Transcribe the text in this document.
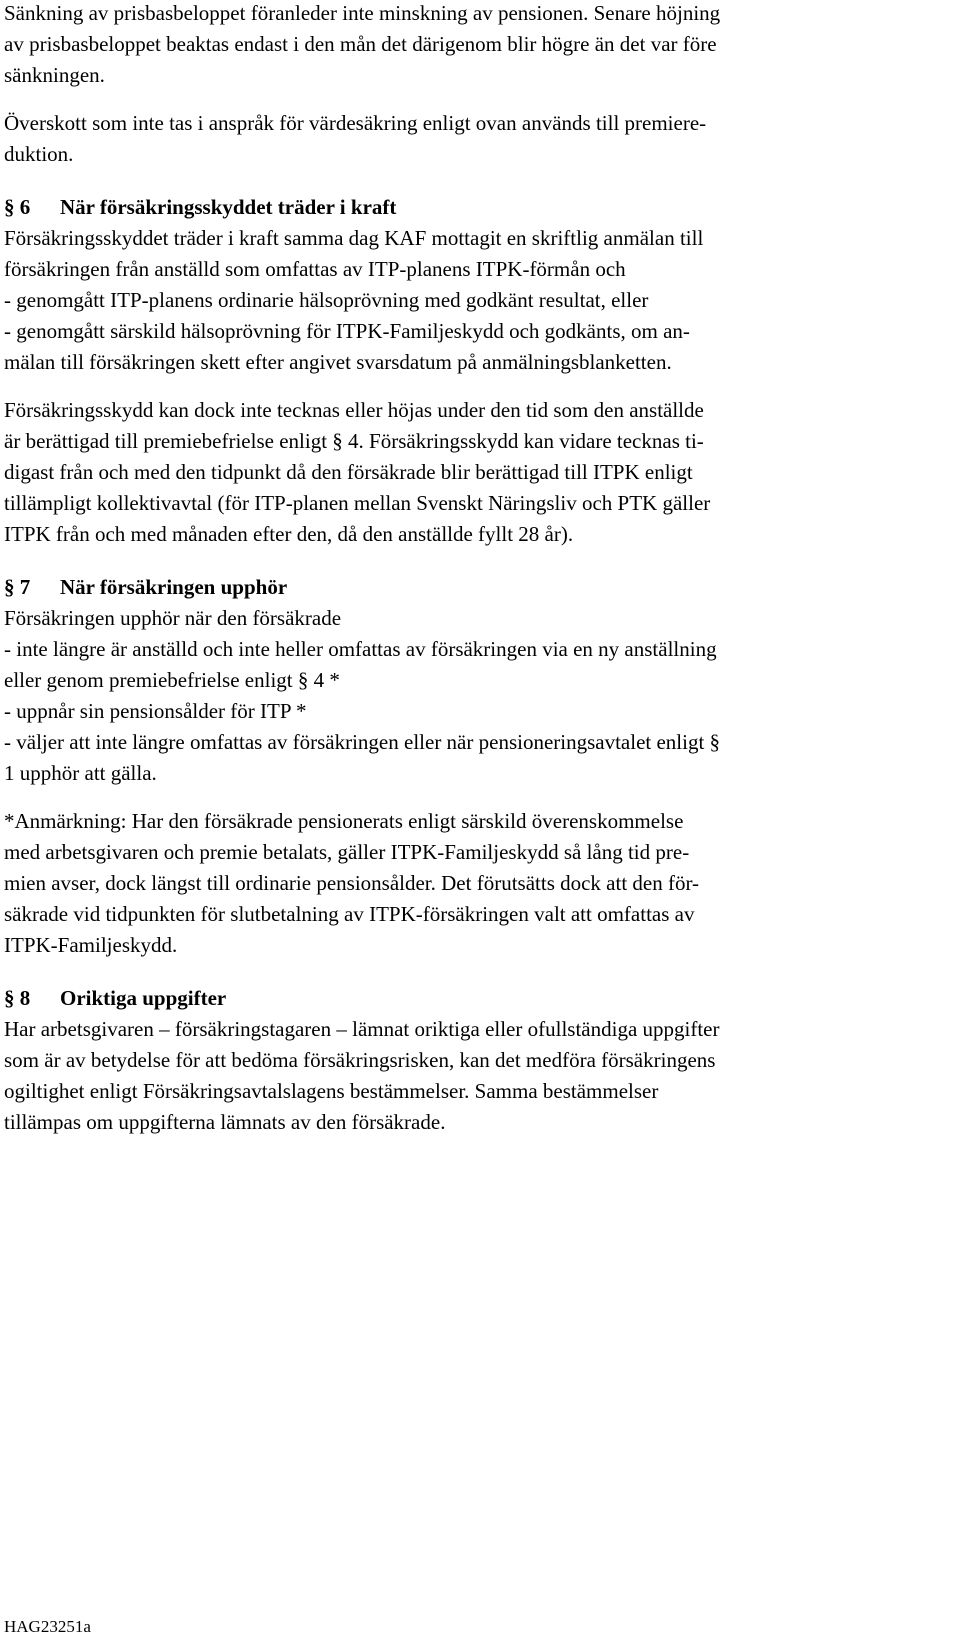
Sänkning av prisbasbeloppet föranleder inte minskning av pensionen. Senare höjning
av prisbasbeloppet beaktas endast i den mån det därigenom blir högre än det var före
sänkningen.
Överskott som inte tas i anspråk för värdesäkring enligt ovan används till premiere-
duktion.
§ 6 När försäkringsskyddet träder i kraft
Försäkringsskyddet träder i kraft samma dag KAF mottagit en skriftlig anmälan till
försäkringen från anställd som omfattas av ITP-planens ITPK-förmån och
- genomgått ITP-planens ordinarie hälsoprövning med godkänt resultat, eller
- genomgått särskild hälsoprövning för ITPK-Familjeskydd och godkänts, om an-
mälan till försäkringen skett efter angivet svarsdatum på anmälningsblanketten.
Försäkringsskydd kan dock inte tecknas eller höjas under den tid som den anställde
är berättigad till premiebefrielse enligt § 4. Försäkringsskydd kan vidare tecknas ti-
digast från och med den tidpunkt då den försäkrade blir berättigad till ITPK enligt
tillämpligt kollektivavtal (för ITP-planen mellan Svenskt Näringsliv och PTK gäller
ITPK från och med månaden efter den, då den anställde fyllt 28 år).
§ 7 När försäkringen upphör
Försäkringen upphör när den försäkrade
- inte längre är anställd och inte heller omfattas av försäkringen via en ny anställning
eller genom premiebefrielse enligt § 4 *
- uppnår sin pensionsålder för ITP *
- väljer att inte längre omfattas av försäkringen eller när pensioneringsavtalet enligt §
1 upphör att gälla.
*Anmärkning: Har den försäkrade pensionerats enligt särskild överenskommelse
med arbetsgivaren och premie betalats, gäller ITPK-Familjeskydd så lång tid pre-
mien avser, dock längst till ordinarie pensionsålder. Det förutsätts dock att den för-
säkrade vid tidpunkten för slutbetalning av ITPK-försäkringen valt att omfattas av
ITPK-Familjeskydd.
§ 8 Oriktiga uppgifter
Har arbetsgivaren – försäkringstagaren – lämnat oriktiga eller ofullständiga uppgifter
som är av betydelse för att bedöma försäkringsrisken, kan det medföra försäkringens
ogiltighet enligt Försäkringsavtalslagens bestämmelser. Samma bestämmelser
tillämpas om uppgifterna lämnats av den försäkrade.
HAG23251a
